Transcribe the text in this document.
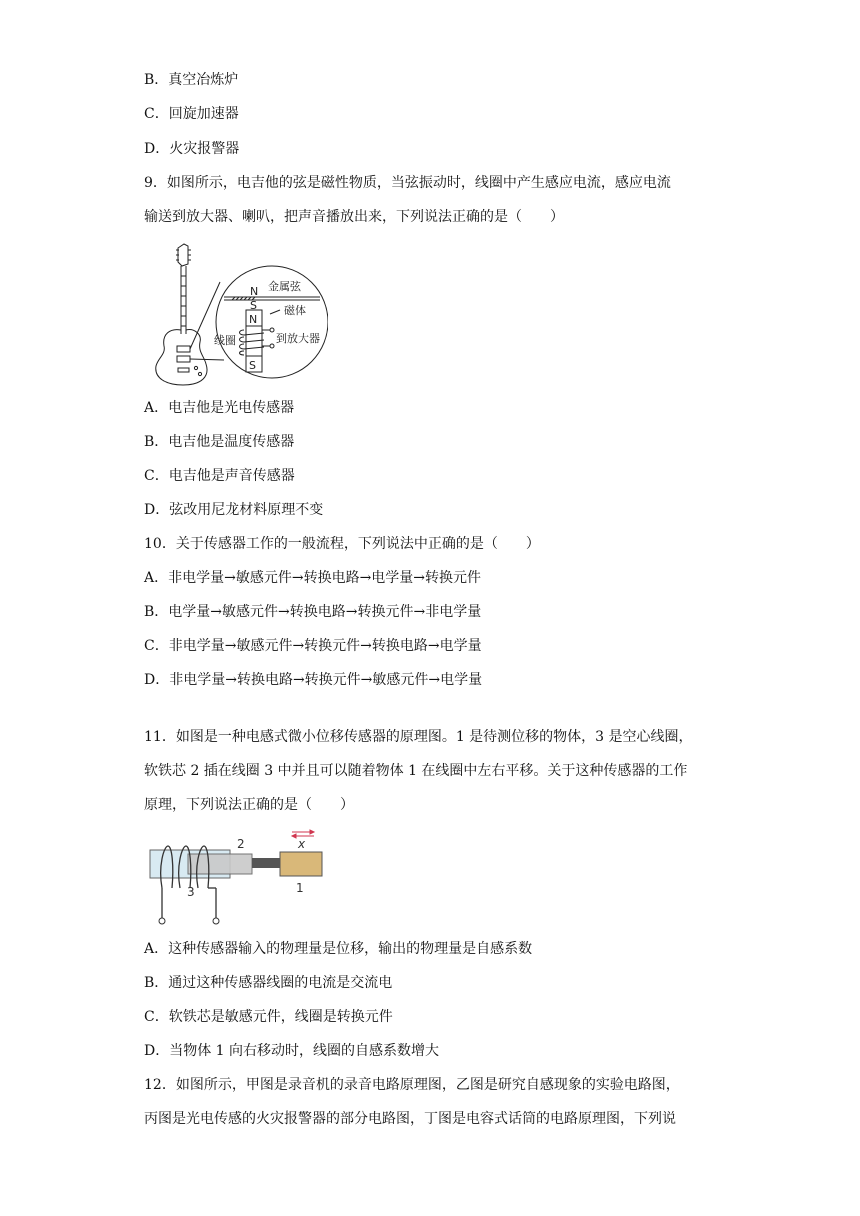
B．真空冶炼炉
C．回旋加速器
D．火灾报警器
9．如图所示，电吉他的弦是磁性物质，当弦振动时，线圈中产生感应电流，感应电流
输送到放大器、喇叭，把声音播放出来，下列说法正确的是（　　）
N 金属弦
S
N
磁体
线圈	到放大器
S
A．电吉他是光电传感器
B．电吉他是温度传感器
C．电吉他是声音传感器
D．弦改用尼龙材料原理不变
10．关于传感器工作的一般流程，下列说法中正确的是（　　）
A．非电学量→敏感元件→转换电路→电学量→转换元件
B．电学量→敏感元件→转换电路→转换元件→非电学量
C．非电学量→敏感元件→转换元件→转换电路→电学量
D．非电学量→转换电路→转换元件→敏感元件→电学量
11．如图是一种电感式微小位移传感器的原理图。1 是待测位移的物体，3 是空心线圈，
软铁芯 2 插在线圈 3 中并且可以随着物体 1 在线圈中左右平移。关于这种传感器的工作
原理，下列说法正确的是（　　）
x
2
3	1
A．这种传感器输入的物理量是位移，输出的物理量是自感系数
B．通过这种传感器线圈的电流是交流电
C．软铁芯是敏感元件，线圈是转换元件
D．当物体 1 向右移动时，线圈的自感系数增大
12．如图所示，甲图是录音机的录音电路原理图，乙图是研究自感现象的实验电路图，
丙图是光电传感的火灾报警器的部分电路图，丁图是电容式话筒的电路原理图，下列说
